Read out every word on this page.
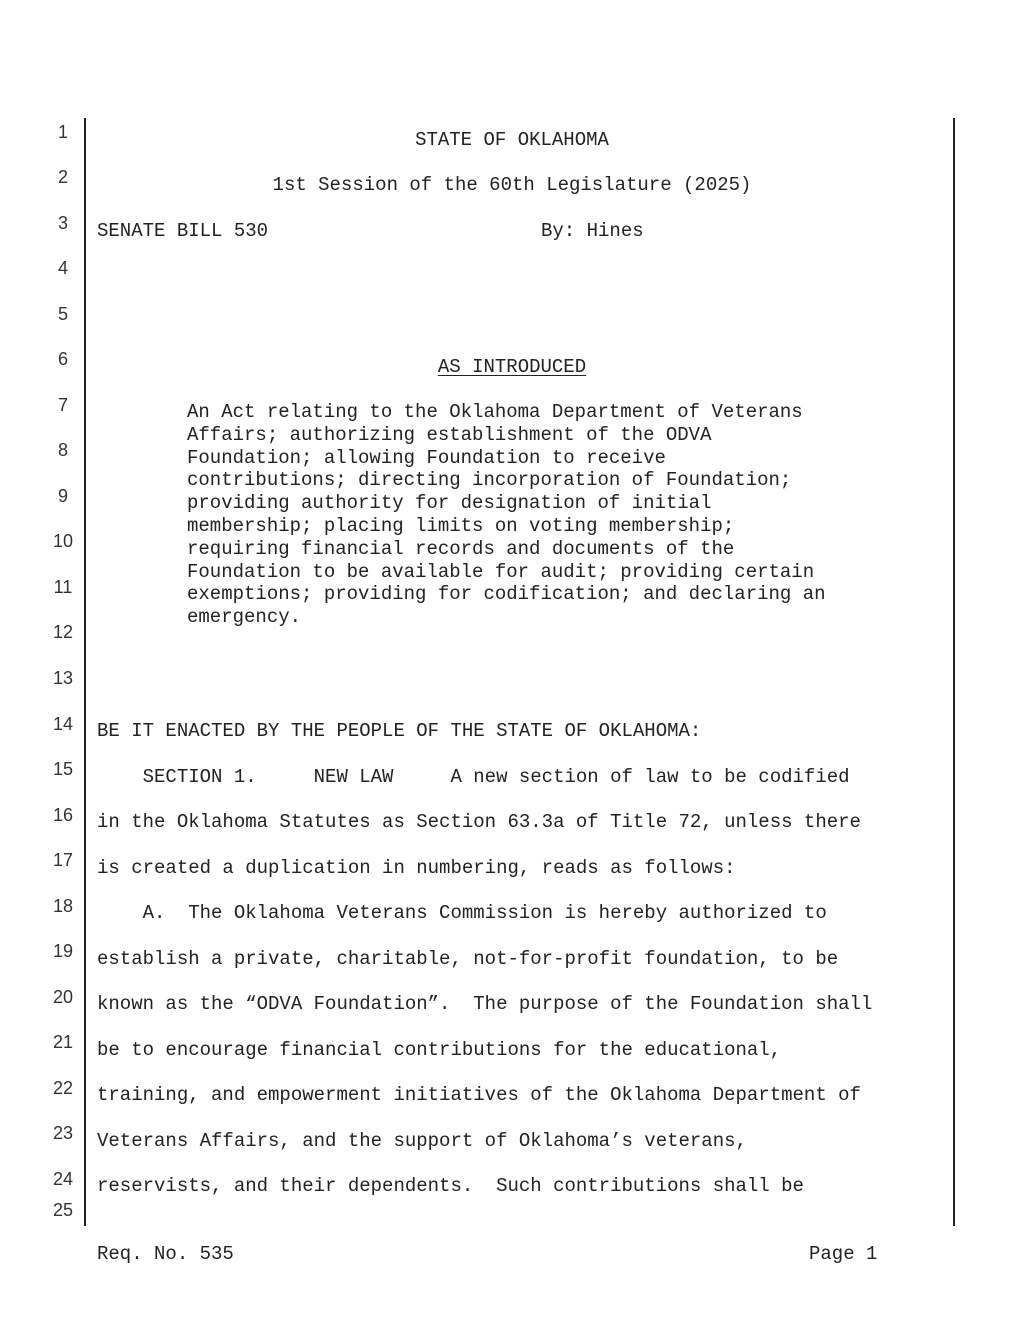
1
2
3
4
5
6
7
8
9
10
11
12
13
14
15
16
17
18
19
20
21
22
23
24
25
STATE OF OKLAHOMA
1st Session of the 60th Legislature (2025)
SENATE BILL 530	By: Hines
AS INTRODUCED
An Act relating to the Oklahoma Department of Veterans Affairs; authorizing establishment of the ODVA Foundation; allowing Foundation to receive contributions; directing incorporation of Foundation; providing authority for designation of initial membership; placing limits on voting membership; requiring financial records and documents of the Foundation to be available for audit; providing certain exemptions; providing for codification; and declaring an emergency.
BE IT ENACTED BY THE PEOPLE OF THE STATE OF OKLAHOMA:
SECTION 1.     NEW LAW     A new section of law to be codified
in the Oklahoma Statutes as Section 63.3a of Title 72, unless there
is created a duplication in numbering, reads as follows:
A.  The Oklahoma Veterans Commission is hereby authorized to
establish a private, charitable, not-for-profit foundation, to be
known as the “ODVA Foundation”.  The purpose of the Foundation shall
be to encourage financial contributions for the educational,
training, and empowerment initiatives of the Oklahoma Department of
Veterans Affairs, and the support of Oklahoma’s veterans,
reservists, and their dependents.  Such contributions shall be
Req. No. 535	Page 1
